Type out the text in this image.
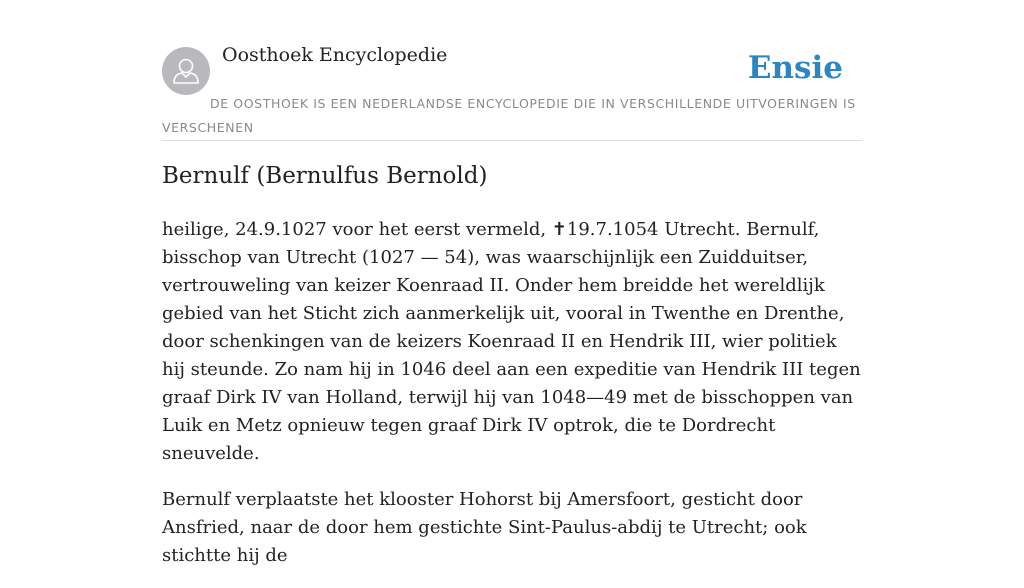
Oosthoek Encyclopedie	Ensie

DE OOSTHOEK IS EEN NEDERLANDSE ENCYCLOPEDIE DIE IN VERSCHILLENDE UITVOERINGEN IS VERSCHENEN

Bernulf (Bernulfus Bernold)

heilige, 24.9.1027 voor het eerst vermeld, ✝19.7.1054 Utrecht. Bernulf, bisschop van Utrecht (1027 — 54), was waarschijnlijk een Zuidduitser, vertrouweling van keizer Koenraad II. Onder hem breidde het wereldlijk gebied van het Sticht zich aanmerkelijk uit, vooral in Twenthe en Drenthe, door schenkingen van de keizers Koenraad II en Hendrik III, wier politiek hij steunde. Zo nam hij in 1046 deel aan een expeditie van Hendrik III tegen graaf Dirk IV van Holland, terwijl hij van 1048—49 met de bisschoppen van Luik en Metz opnieuw tegen graaf Dirk IV optrok, die te Dordrecht sneuvelde.

Bernulf verplaatste het klooster Hohorst bij Amersfoort, gesticht door Ansfried, naar de door hem gestichte Sint-Paulus-abdij te Utrecht; ook stichtte hij de
